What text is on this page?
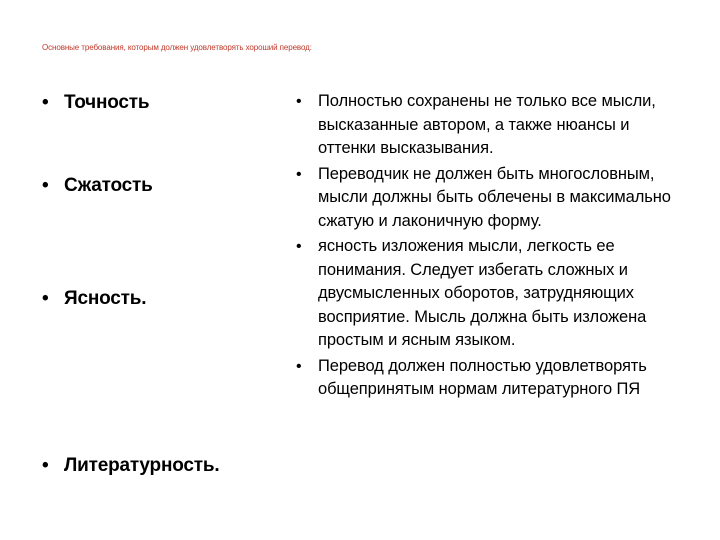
Основные требования, которым должен удовлетворять хороший перевод:
• Точность
• Сжатость
• Ясность.
• Литературность.
• Полностью сохранены не только все мысли, высказанные автором, а также нюансы и оттенки высказывания.
• Переводчик не должен быть многословным, мысли должны быть облечены в максимально сжатую и лаконичную форму.
• ясность изложения мысли, легкость ее понимания. Следует избегать сложных и двусмысленных оборотов, затрудняющих восприятие. Мысль должна быть изложена простым и ясным языком.
• Перевод должен полностью удовлетворять общепринятым нормам литературного ПЯ
